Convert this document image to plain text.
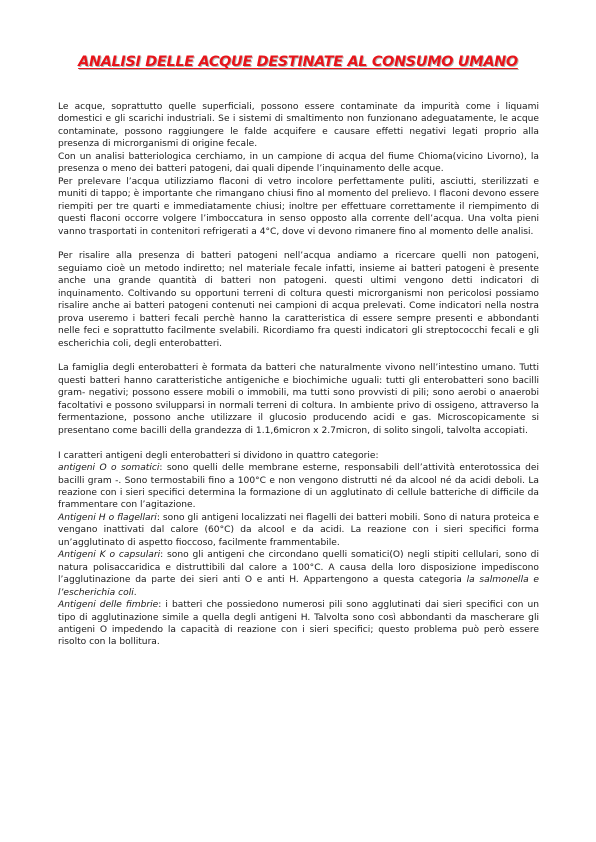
ANALISI DELLE ACQUE DESTINATE AL CONSUMO UMANO

Le acque, soprattutto quelle superficiali, possono essere contaminate da impurità come i liquami domestici e gli scarichi industriali. Se i sistemi di smaltimento non funzionano adeguatamente, le acque contaminate, possono raggiungere le falde acquifere e causare effetti negativi legati proprio alla presenza di microrganismi di origine fecale.

Con un analisi batteriologica cerchiamo, in un campione di acqua del fiume Chioma(vicino Livorno), la presenza o meno dei batteri patogeni, dai quali dipende l’inquinamento delle acque.

Per prelevare l’acqua utilizziamo flaconi di vetro incolore perfettamente puliti, asciutti, sterilizzati e muniti di tappo; è importante che rimangano chiusi fino al momento del prelievo. I flaconi devono essere riempiti per tre quarti e immediatamente chiusi; inoltre per effettuare correttamente il riempimento di questi flaconi occorre volgere l’imboccatura in senso opposto alla corrente dell’acqua. Una volta pieni vanno trasportati in contenitori refrigerati a 4°C, dove vi devono rimanere fino al momento delle analisi.

Per risalire alla presenza di batteri patogeni nell’acqua andiamo a ricercare quelli non patogeni, seguiamo cioè un metodo indiretto; nel materiale fecale infatti, insieme ai batteri patogeni è presente anche una grande quantità di batteri non patogeni. questi ultimi vengono detti indicatori di inquinamento. Coltivando su opportuni terreni di coltura questi microrganismi non pericolosi possiamo risalire anche ai batteri patogeni contenuti nei campioni di acqua prelevati. Come indicatori nella nostra prova useremo i batteri fecali perchè hanno la caratteristica di essere sempre presenti e abbondanti nelle feci e soprattutto facilmente svelabili. Ricordiamo fra questi indicatori gli streptococchi fecali e gli escherichia coli, degli enterobatteri.

La famiglia degli enterobatteri è formata da batteri che naturalmente vivono nell’intestino umano. Tutti questi batteri hanno caratteristiche antigeniche e biochimiche uguali: tutti gli enterobatteri sono bacilli gram- negativi; possono essere mobili o immobili, ma tutti sono provvisti di pili; sono aerobi o anaerobi facoltativi e possono svilupparsi in normali terreni di coltura. In ambiente privo di ossigeno, attraverso la fermentazione, possono anche utilizzare il glucosio producendo acidi e gas. Microscopicamente si presentano come bacilli della grandezza di 1.1,6micron x 2.7micron, di solito singoli, talvolta accopiati.

I caratteri antigeni degli enterobatteri si dividono in quattro categorie:

antigeni O o somatici: sono quelli delle membrane esterne, responsabili dell’attività enterotossica dei bacilli gram -. Sono termostabili fino a 100°C e non vengono distrutti né da alcool né da acidi deboli. La reazione con i sieri specifici determina la formazione di un agglutinato di cellule batteriche di difficile da frammentare con l’agitazione.

Antigeni H o flagellari: sono gli antigeni localizzati nei flagelli dei batteri mobili. Sono di natura proteica e vengano inattivati dal calore (60°C) da alcool e da acidi. La reazione con i sieri specifici forma un’agglutinato di aspetto fioccoso, facilmente frammentabile.

Antigeni K o capsulari: sono gli antigeni che circondano quelli somatici(O) negli stipiti cellulari, sono di natura polisaccaridica e distruttibili dal calore a 100°C. A causa della loro disposizione impediscono l’agglutinazione da parte dei sieri anti O e anti H. Appartengono a questa categoria la salmonella e l’escherichia coli.

Antigeni delle fimbrie: i batteri che possiedono numerosi pili sono agglutinati dai sieri specifici con un tipo di agglutinazione simile a quella degli antigeni H. Talvolta sono così abbondanti da mascherare gli antigeni O impedendo la capacità di reazione con i sieri specifici; questo problema può però essere risolto con la bollitura.
